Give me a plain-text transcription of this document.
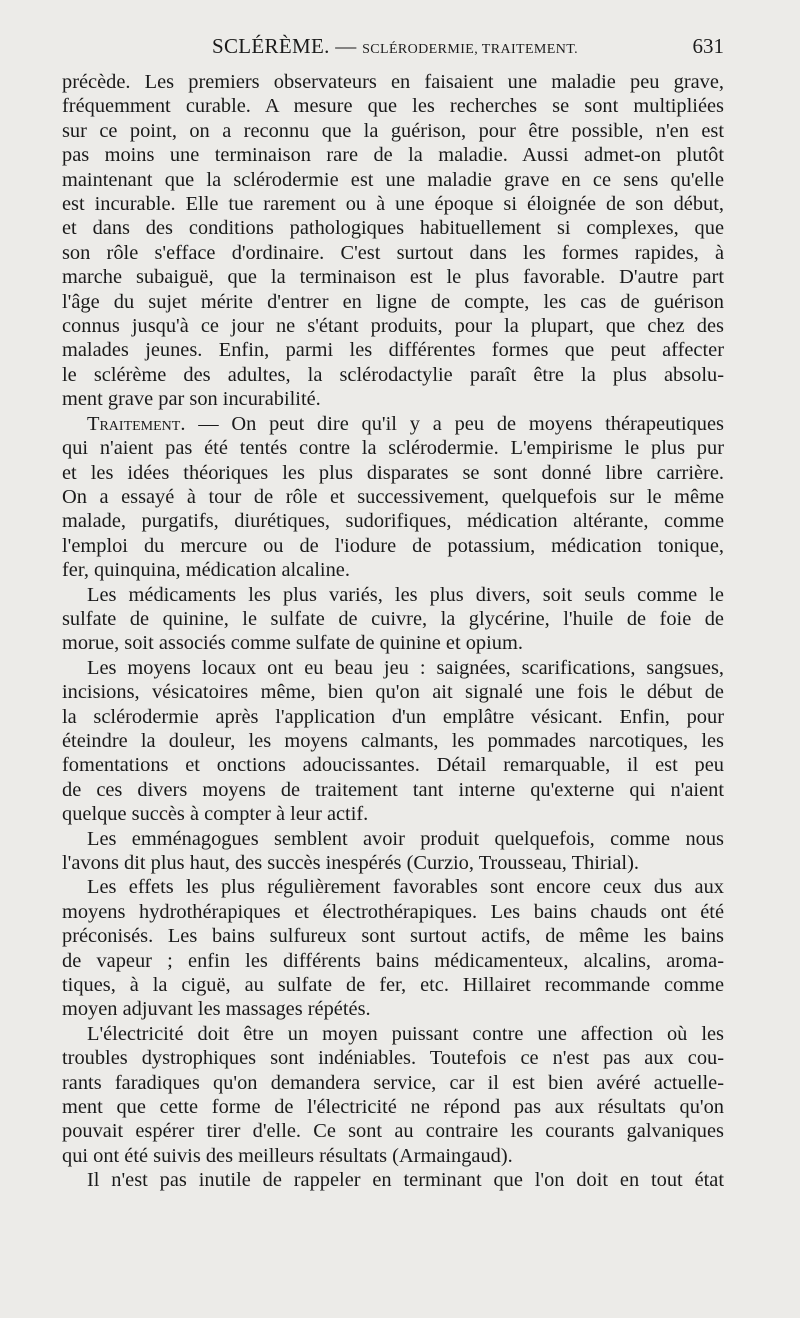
SCLÉRÈME. — SCLÉRODERMIE, TRAITEMENT.	631

précède. Les premiers observateurs en faisaient une maladie peu grave,
fréquemment curable. A mesure que les recherches se sont multipliées
sur ce point, on a reconnu que la guérison, pour être possible, n'en est
pas moins une terminaison rare de la maladie. Aussi admet-on plutôt
maintenant que la sclérodermie est une maladie grave en ce sens qu'elle
est incurable. Elle tue rarement ou à une époque si éloignée de son début,
et dans des conditions pathologiques habituellement si complexes, que
son rôle s'efface d'ordinaire. C'est surtout dans les formes rapides, à
marche subaiguë, que la terminaison est le plus favorable. D'autre part
l'âge du sujet mérite d'entrer en ligne de compte, les cas de guérison
connus jusqu'à ce jour ne s'étant produits, pour la plupart, que chez des
malades jeunes. Enfin, parmi les différentes formes que peut affecter
le sclérème des adultes, la sclérodactylie paraît être la plus absolu-
ment grave par son incurabilité.

Traitement. — On peut dire qu'il y a peu de moyens thérapeutiques
qui n'aient pas été tentés contre la sclérodermie. L'empirisme le plus pur
et les idées théoriques les plus disparates se sont donné libre carrière.
On a essayé à tour de rôle et successivement, quelquefois sur le même
malade, purgatifs, diurétiques, sudorifiques, médication altérante, comme
l'emploi du mercure ou de l'iodure de potassium, médication tonique,
fer, quinquina, médication alcaline.

Les médicaments les plus variés, les plus divers, soit seuls comme le
sulfate de quinine, le sulfate de cuivre, la glycérine, l'huile de foie de
morue, soit associés comme sulfate de quinine et opium.

Les moyens locaux ont eu beau jeu : saignées, scarifications, sangsues,
incisions, vésicatoires même, bien qu'on ait signalé une fois le début de
la sclérodermie après l'application d'un emplâtre vésicant. Enfin, pour
éteindre la douleur, les moyens calmants, les pommades narcotiques, les
fomentations et onctions adoucissantes. Détail remarquable, il est peu
de ces divers moyens de traitement tant interne qu'externe qui n'aient
quelque succès à compter à leur actif.

Les emménagogues semblent avoir produit quelquefois, comme nous
l'avons dit plus haut, des succès inespérés (Curzio, Trousseau, Thirial).

Les effets les plus régulièrement favorables sont encore ceux dus aux
moyens hydrothérapiques et électrothérapiques. Les bains chauds ont été
préconisés. Les bains sulfureux sont surtout actifs, de même les bains
de vapeur ; enfin les différents bains médicamenteux, alcalins, aroma-
tiques, à la ciguë, au sulfate de fer, etc. Hillairet recommande comme
moyen adjuvant les massages répétés.

L'électricité doit être un moyen puissant contre une affection où les
troubles dystrophiques sont indéniables. Toutefois ce n'est pas aux cou-
rants faradiques qu'on demandera service, car il est bien avéré actuelle-
ment que cette forme de l'électricité ne répond pas aux résultats qu'on
pouvait espérer tirer d'elle. Ce sont au contraire les courants galvaniques
qui ont été suivis des meilleurs résultats (Armaingaud).

Il n'est pas inutile de rappeler en terminant que l'on doit en tout état
